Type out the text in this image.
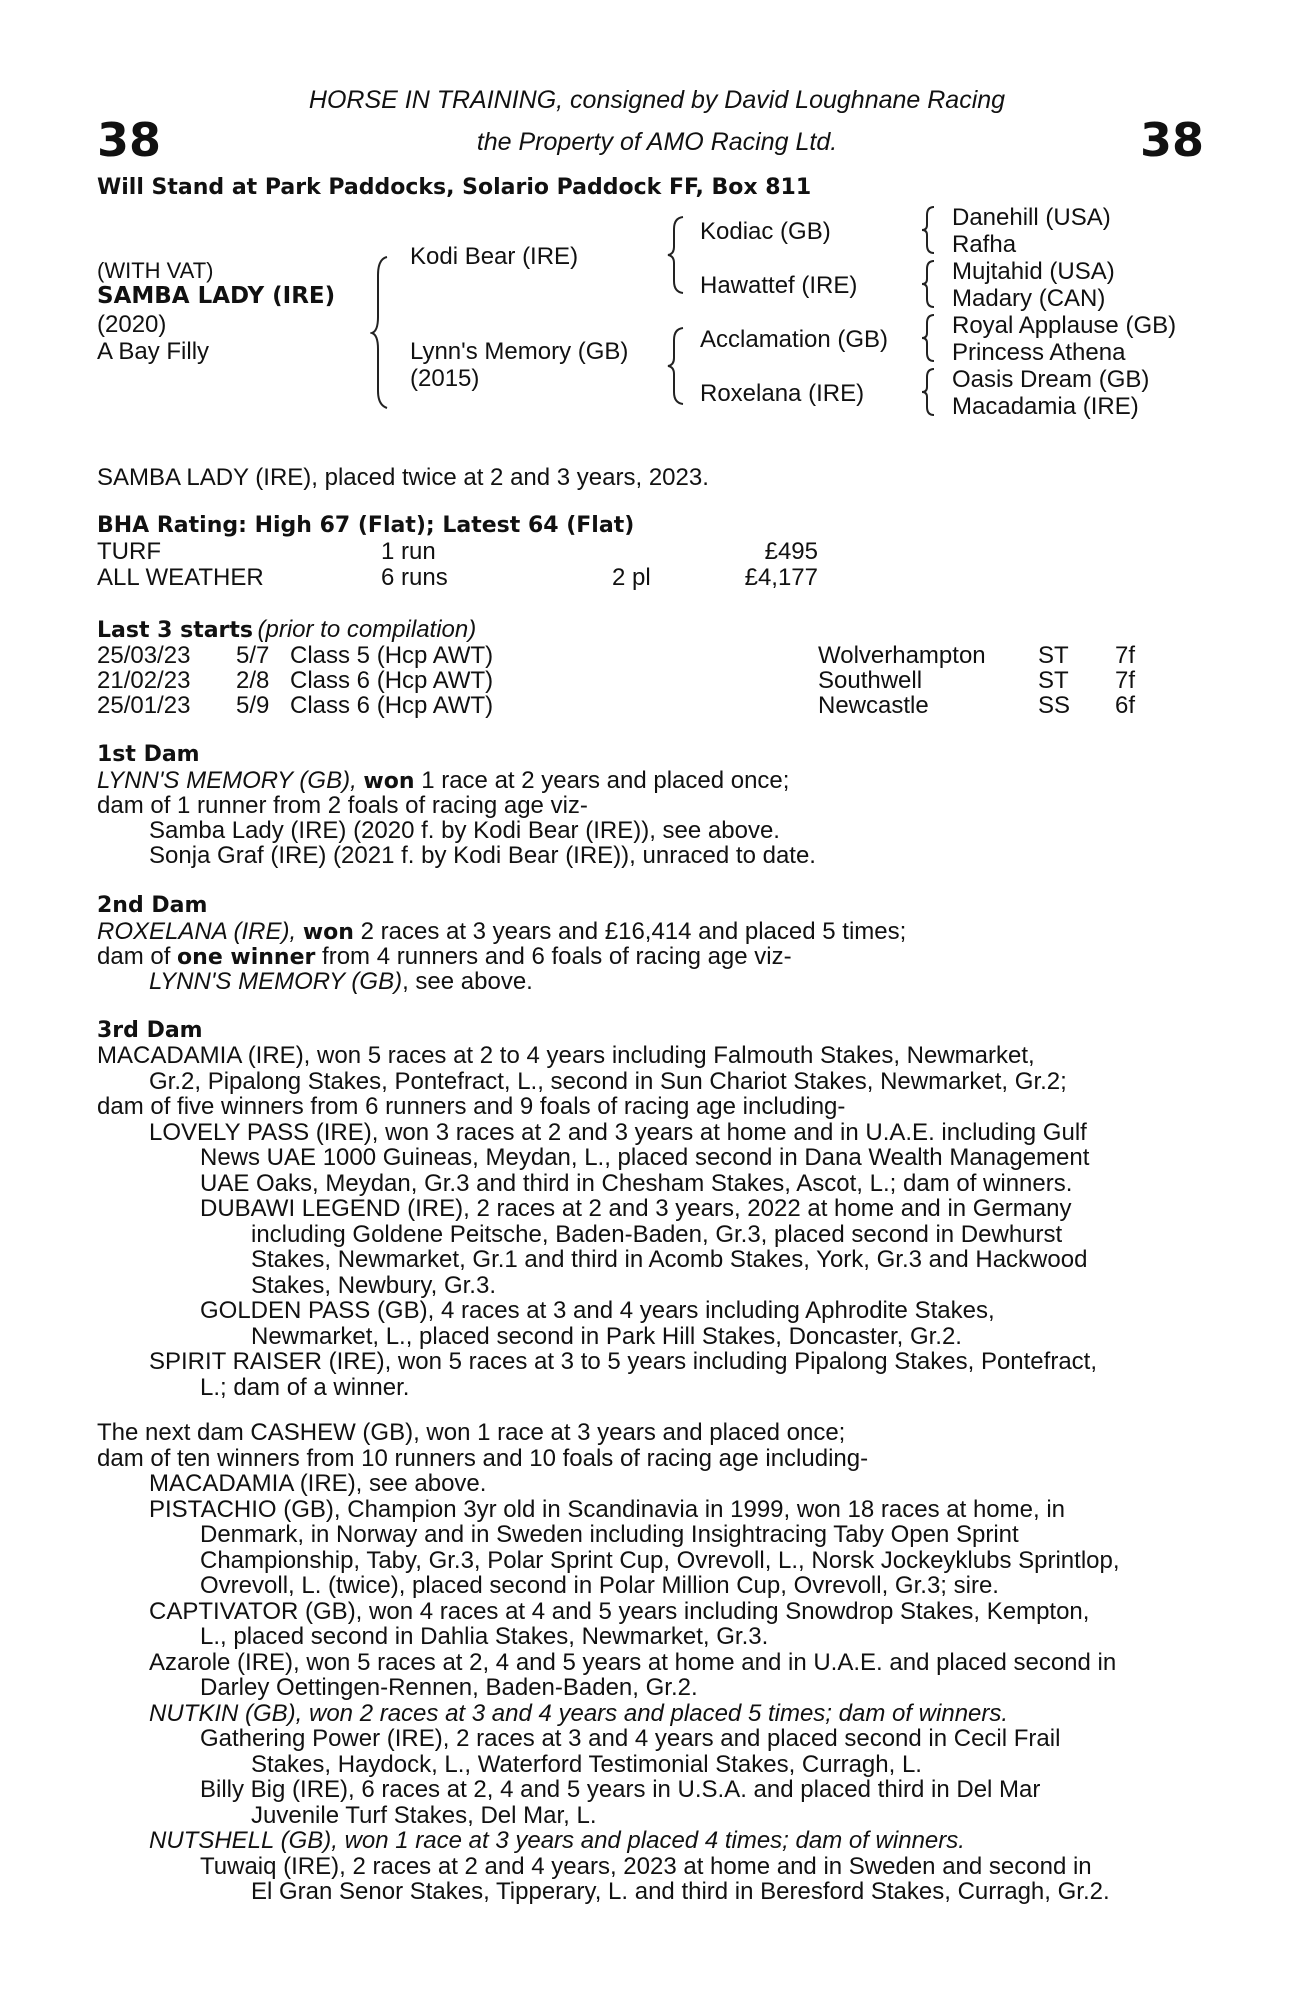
38	38
HORSE IN TRAINING, consigned by David Loughnane Racing
the Property of AMO Racing Ltd.
Will Stand at Park Paddocks, Solario Paddock FF, Box 811
(WITH VAT)
SAMBA LADY (IRE)
(2020)
A Bay Filly
Kodi Bear (IRE)
Lynn's Memory (GB)
(2015)
Kodiac (GB)
Hawattef (IRE)
Acclamation (GB)
Roxelana (IRE)
Danehill (USA)
Rafha
Mujtahid (USA)
Madary (CAN)
Royal Applause (GB)
Princess Athena
Oasis Dream (GB)
Macadamia (IRE)
SAMBA LADY (IRE), placed twice at 2 and 3 years, 2023.
BHA Rating: High 67 (Flat); Latest 64 (Flat)
TURF	1 run	£495
ALL WEATHER	6 runs	2 pl	£4,177
Last 3 starts (prior to compilation)
25/03/23 5/7 Class 5 (Hcp AWT)	Wolverhampton ST 7f
21/02/23 2/8 Class 6 (Hcp AWT)	Southwell	ST 7f
25/01/23 5/9 Class 6 (Hcp AWT)	Newcastle	SS 6f
1st Dam
LYNN'S MEMORY (GB), won 1 race at 2 years and placed once;
dam of 1 runner from 2 foals of racing age viz-
Samba Lady (IRE) (2020 f. by Kodi Bear (IRE)), see above.
Sonja Graf (IRE) (2021 f. by Kodi Bear (IRE)), unraced to date.
2nd Dam
ROXELANA (IRE), won 2 races at 3 years and £16,414 and placed 5 times;
dam of one winner from 4 runners and 6 foals of racing age viz-
LYNN'S MEMORY (GB), see above.
3rd Dam
MACADAMIA (IRE), won 5 races at 2 to 4 years including Falmouth Stakes, Newmarket,
Gr.2, Pipalong Stakes, Pontefract, L., second in Sun Chariot Stakes, Newmarket, Gr.2;
dam of five winners from 6 runners and 9 foals of racing age including-
LOVELY PASS (IRE), won 3 races at 2 and 3 years at home and in U.A.E. including Gulf
News UAE 1000 Guineas, Meydan, L., placed second in Dana Wealth Management
UAE Oaks, Meydan, Gr.3 and third in Chesham Stakes, Ascot, L.; dam of winners.
DUBAWI LEGEND (IRE), 2 races at 2 and 3 years, 2022 at home and in Germany
including Goldene Peitsche, Baden-Baden, Gr.3, placed second in Dewhurst
Stakes, Newmarket, Gr.1 and third in Acomb Stakes, York, Gr.3 and Hackwood
Stakes, Newbury, Gr.3.
GOLDEN PASS (GB), 4 races at 3 and 4 years including Aphrodite Stakes,
Newmarket, L., placed second in Park Hill Stakes, Doncaster, Gr.2.
SPIRIT RAISER (IRE), won 5 races at 3 to 5 years including Pipalong Stakes, Pontefract,
L.; dam of a winner.
The next dam CASHEW (GB), won 1 race at 3 years and placed once;
dam of ten winners from 10 runners and 10 foals of racing age including-
MACADAMIA (IRE), see above.
PISTACHIO (GB), Champion 3yr old in Scandinavia in 1999, won 18 races at home, in
Denmark, in Norway and in Sweden including Insightracing Taby Open Sprint
Championship, Taby, Gr.3, Polar Sprint Cup, Ovrevoll, L., Norsk Jockeyklubs Sprintlop,
Ovrevoll, L. (twice), placed second in Polar Million Cup, Ovrevoll, Gr.3; sire.
CAPTIVATOR (GB), won 4 races at 4 and 5 years including Snowdrop Stakes, Kempton,
L., placed second in Dahlia Stakes, Newmarket, Gr.3.
Azarole (IRE), won 5 races at 2, 4 and 5 years at home and in U.A.E. and placed second in
Darley Oettingen-Rennen, Baden-Baden, Gr.2.
NUTKIN (GB), won 2 races at 3 and 4 years and placed 5 times; dam of winners.
Gathering Power (IRE), 2 races at 3 and 4 years and placed second in Cecil Frail
Stakes, Haydock, L., Waterford Testimonial Stakes, Curragh, L.
Billy Big (IRE), 6 races at 2, 4 and 5 years in U.S.A. and placed third in Del Mar
Juvenile Turf Stakes, Del Mar, L.
NUTSHELL (GB), won 1 race at 3 years and placed 4 times; dam of winners.
Tuwaiq (IRE), 2 races at 2 and 4 years, 2023 at home and in Sweden and second in
El Gran Senor Stakes, Tipperary, L. and third in Beresford Stakes, Curragh, Gr.2.
